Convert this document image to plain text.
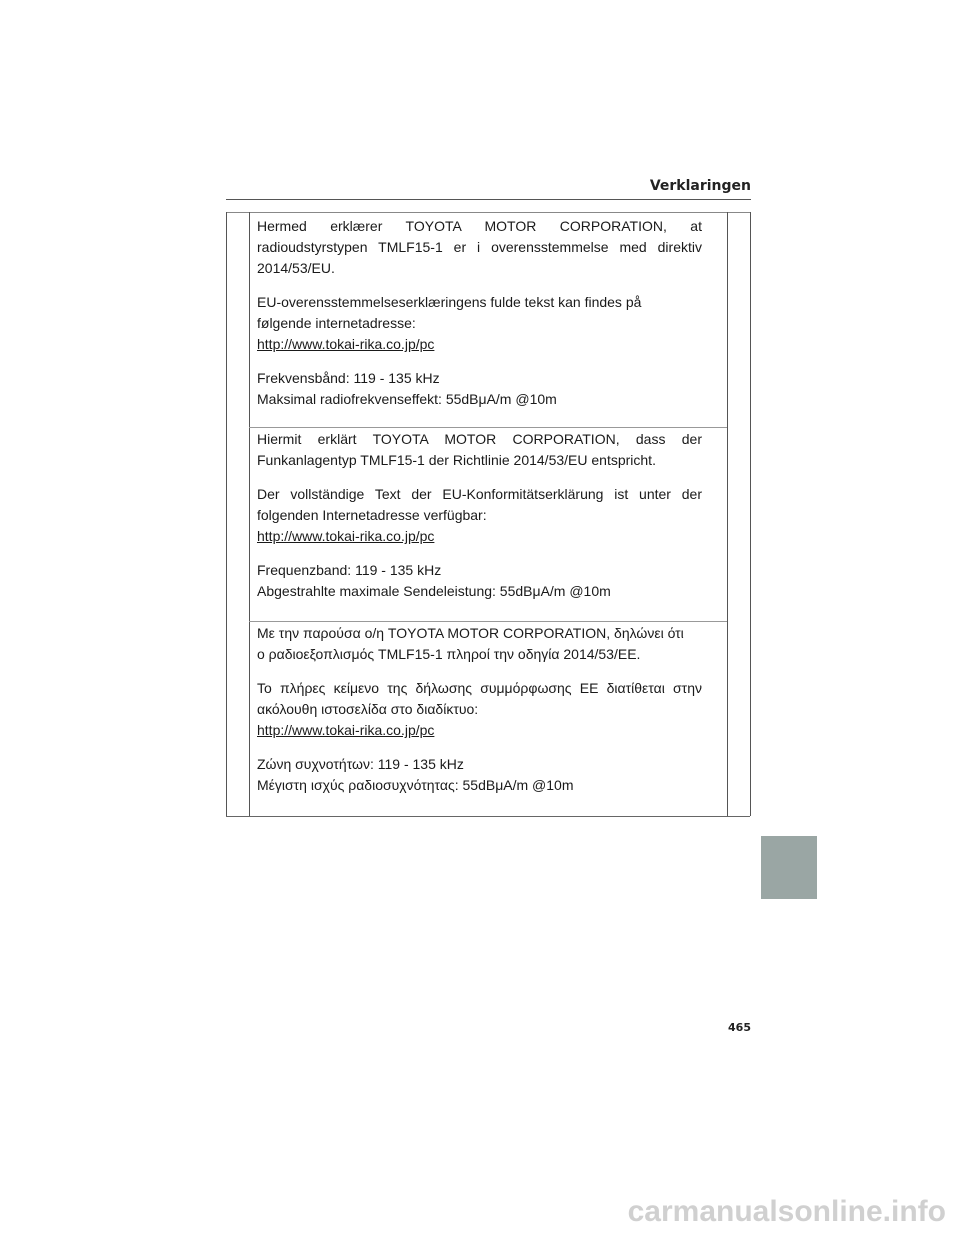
Verklaringen

Hermed erklærer TOYOTA MOTOR CORPORATION, at
radioudstyrstypen TMLF15-1 er i overensstemmelse med direktiv
2014/53/EU.

EU-overensstemmelseserklæringens fulde tekst kan findes på
følgende internetadresse:
http://www.tokai-rika.co.jp/pc

Frekvensbånd: 119 - 135 kHz
Maksimal radiofrekvenseffekt: 55dBμA/m @10m

Hiermit erklärt TOYOTA MOTOR CORPORATION, dass der
Funkanlagentyp TMLF15-1 der Richtlinie 2014/53/EU entspricht.

Der vollständige Text der EU-Konformitätserklärung ist unter der
folgenden Internetadresse verfügbar:
http://www.tokai-rika.co.jp/pc

Frequenzband: 119 - 135 kHz
Abgestrahlte maximale Sendeleistung: 55dBμA/m @10m

Με την παρούσα ο/η TOYOTA MOTOR CORPORATION, δηλώνει ότι
ο ραδιοεξοπλισμός TMLF15-1 πληροί την οδηγία 2014/53/ΕΕ.

Το πλήρες κείμενο της δήλωσης συμμόρφωσης ΕΕ διατίθεται στην
ακόλουθη ιστοσελίδα στο διαδίκτυο:
http://www.tokai-rika.co.jp/pc

Ζώνη συχνοτήτων: 119 - 135 kHz
Μέγιστη ισχύς ραδιοσυχνότητας: 55dBμA/m @10m

465
carmanualsonline.info
